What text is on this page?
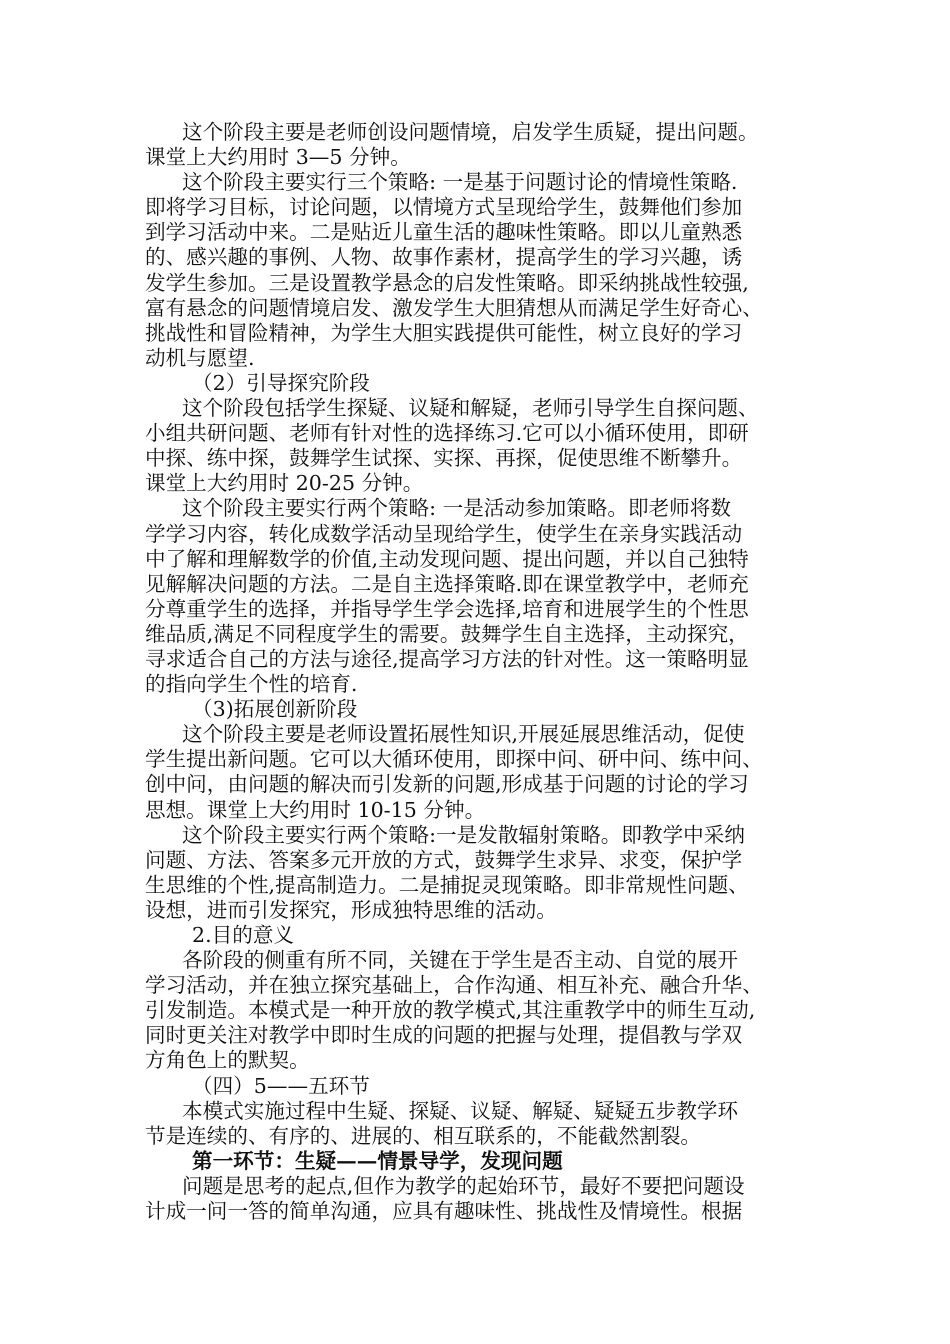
这个阶段主要是老师创设问题情境，启发学生质疑，提出问题。
课堂上大约用时 3—5 分钟。
这个阶段主要实行三个策略: 一是基于问题讨论的情境性策略.
即将学习目标，讨论问题，以情境方式呈现给学生，鼓舞他们参加
到学习活动中来。二是贴近儿童生活的趣味性策略。即以儿童熟悉
的、感兴趣的事例、人物、故事作素材，提高学生的学习兴趣，诱
发学生参加。三是设置教学悬念的启发性策略。即采纳挑战性较强,
富有悬念的问题情境启发、激发学生大胆猜想从而满足学生好奇心、
挑战性和冒险精神，为学生大胆实践提供可能性，树立良好的学习
动机与愿望.
（2）引导探究阶段
这个阶段包括学生探疑、议疑和解疑，老师引导学生自探问题、
小组共研问题、老师有针对性的选择练习.它可以小循环使用，即研
中探、练中探，鼓舞学生试探、实探、再探，促使思维不断攀升。
课堂上大约用时 20-25 分钟。
这个阶段主要实行两个策略: 一是活动参加策略。即老师将数
学学习内容，转化成数学活动呈现给学生，使学生在亲身实践活动
中了解和理解数学的价值,主动发现问题、提出问题，并以自己独特
见解解决问题的方法。二是自主选择策略.即在课堂教学中，老师充
分尊重学生的选择，并指导学生学会选择,培育和进展学生的个性思
维品质,满足不同程度学生的需要。鼓舞学生自主选择，主动探究，
寻求适合自己的方法与途径,提高学习方法的针对性。这一策略明显
的指向学生个性的培育.
（3)拓展创新阶段
这个阶段主要是老师设置拓展性知识,开展延展思维活动，促使
学生提出新问题。它可以大循环使用，即探中问、研中问、练中问、
创中问，由问题的解决而引发新的问题,形成基于问题的讨论的学习
思想。课堂上大约用时 10-15 分钟。
这个阶段主要实行两个策略:一是发散辐射策略。即教学中采纳
问题、方法、答案多元开放的方式，鼓舞学生求异、求变，保护学
生思维的个性,提高制造力。二是捕捉灵现策略。即非常规性问题、
设想，进而引发探究，形成独特思维的活动。
2.目的意义
各阶段的侧重有所不同，关键在于学生是否主动、自觉的展开
学习活动，并在独立探究基础上，合作沟通、相互补充、融合升华、
引发制造。本模式是一种开放的教学模式,其注重教学中的师生互动,
同时更关注对教学中即时生成的问题的把握与处理，提倡教与学双
方角色上的默契。
（四）5——五环节
本模式实施过程中生疑、探疑、议疑、解疑、疑疑五步教学环
节是连续的、有序的、进展的、相互联系的，不能截然割裂。
第一环节：生疑——情景导学，发现问题
问题是思考的起点,但作为教学的起始环节，最好不要把问题设
计成一问一答的简单沟通，应具有趣味性、挑战性及情境性。根据
